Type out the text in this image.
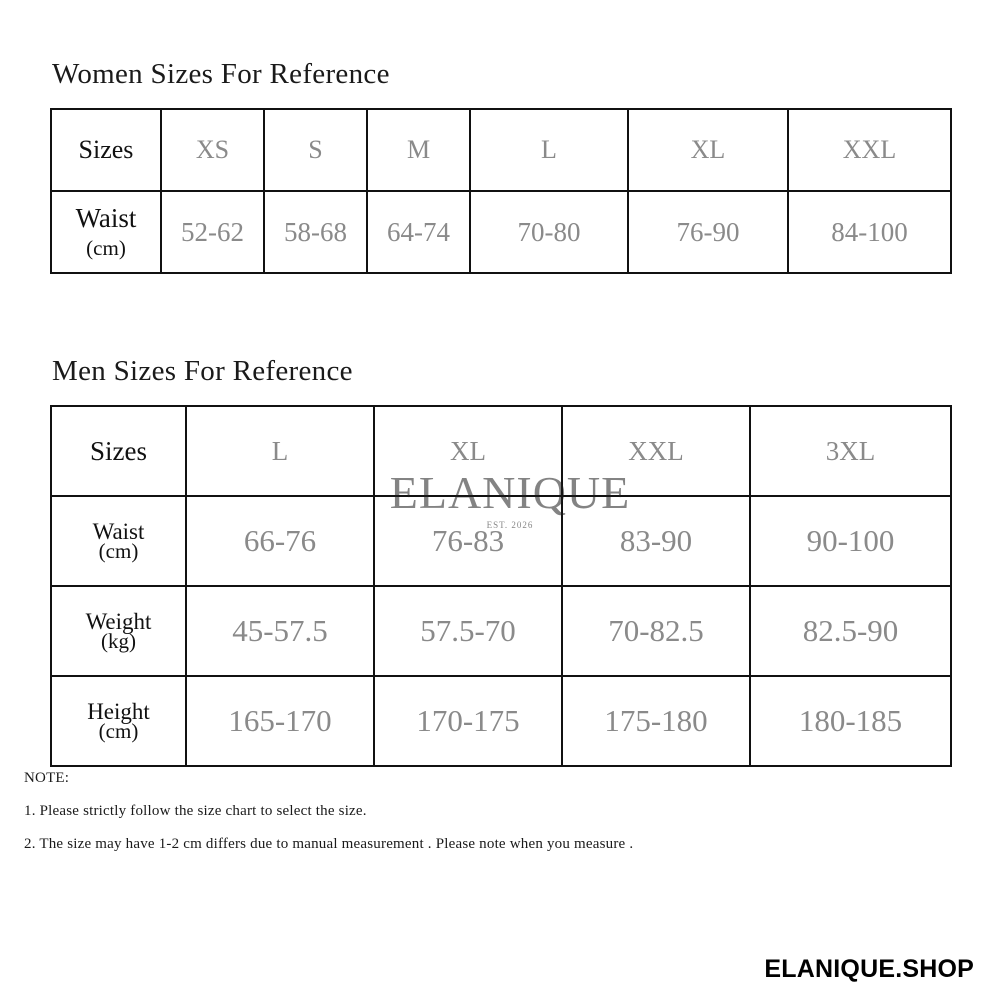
Women Sizes For Reference
Sizes	XS	S	M	L	XL	XXL
Waist (cm)	52-62	58-68	64-74	70-80	76-90	84-100
Men Sizes For Reference
Sizes	L	XL	XXL	3XL
Waist
(cm)	66-76	76-83	83-90	90-100
Weight
(kg)	45-57.5	57.5-70	70-82.5	82.5-90
Height
(cm)	165-170	170-175	175-180	180-185
ELANIQUE
EST. 2026
NOTE:
1. Please strictly follow the size chart to select the size.
2. The size may have 1-2 cm differs due to manual measurement . Please note when you measure .
ELANIQUE.SHOP
